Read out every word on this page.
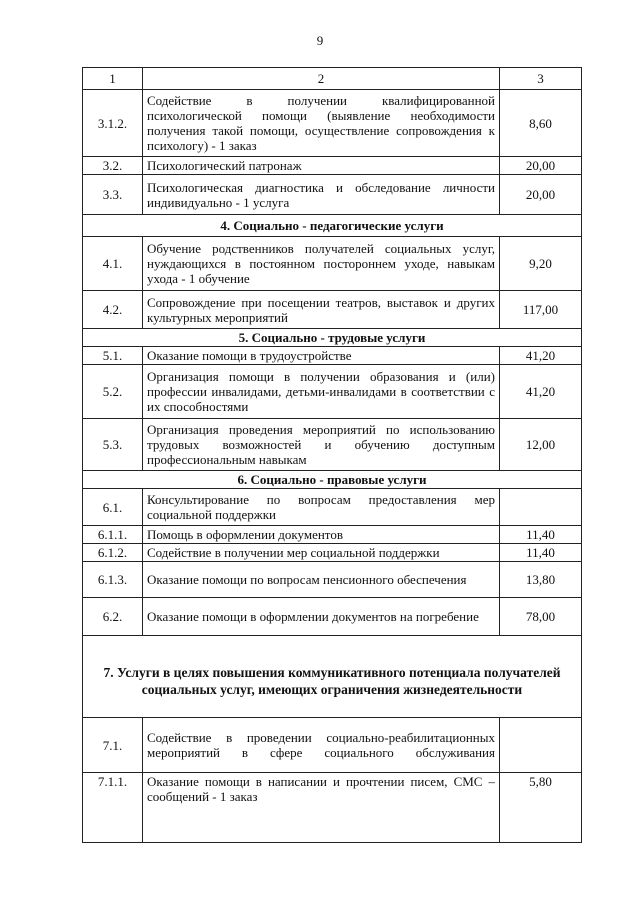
9
1	2	3
3.1.2.	Содействие в получении квалифицированной психологической помощи (выявление необходимости получения такой помощи, осуществление сопровождения к психологу) - 1 заказ	8,60
3.2.	Психологический патронаж	20,00
3.3.	Психологическая диагностика и обследование личности индивидуально - 1 услуга	20,00
4. Социально - педагогические услуги		
4.1.	Обучение родственников получателей социальных услуг, нуждающихся в постоянном постороннем уходе, навыкам ухода - 1 обучение	9,20
4.2.	Сопровождение при посещении театров, выставок и других культурных мероприятий	117,00
5. Социально - трудовые услуги		
5.1.	Оказание помощи в трудоустройстве	41,20
5.2.	Организация помощи в получении образования и (или) профессии инвалидами, детьми-инвалидами в соответствии с их способностями	41,20
5.3.	Организация проведения мероприятий по использованию трудовых возможностей и обучению доступным профессиональным навыкам	12,00
6. Социально - правовые услуги		
6.1.	Консультирование по вопросам предоставления мер социальной поддержки	
6.1.1.	Помощь в оформлении документов	11,40
6.1.2.	Содействие в получении мер социальной поддержки	11,40
6.1.3.	Оказание помощи по вопросам пенсионного обеспечения	13,80
6.2.	Оказание помощи в оформлении документов на погребение	78,00
7. Услуги в целях повышения коммуникативного потенциала получателей социальных услуг, имеющих ограничения жизнедеятельности		
7.1.	Содействие в проведении социально-реабилитационных мероприятий в сфере социального обслуживания	
7.1.1.	Оказание помощи в написании и прочтении писем, СМС – сообщений - 1 заказ	5,80
